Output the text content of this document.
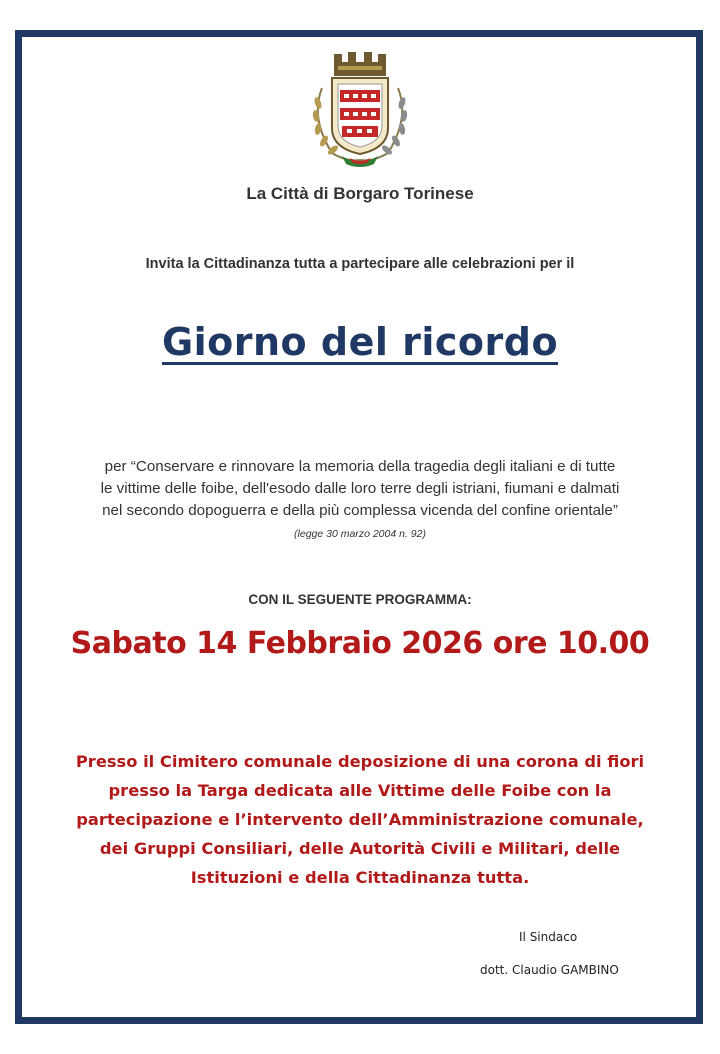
La Città di Borgaro Torinese
Invita la Cittadinanza tutta a partecipare alle celebrazioni per il
Giorno del ricordo
per “Conservare e rinnovare la memoria della tragedia degli italiani e di tutte
le vittime delle foibe, dell'esodo dalle loro terre degli istriani, fiumani e dalmati
nel secondo dopoguerra e della più complessa vicenda del confine orientale”
(legge 30 marzo 2004 n. 92)
CON IL SEGUENTE PROGRAMMA:
Sabato 14 Febbraio 2026 ore 10.00
Presso il Cimitero comunale deposizione di una corona di fiori
presso la Targa dedicata alle Vittime delle Foibe con la
partecipazione e l’intervento dell’Amministrazione comunale,
dei Gruppi Consiliari, delle Autorità Civili e Militari, delle
Istituzioni e della Cittadinanza tutta.
Il Sindaco
dott. Claudio GAMBINO
